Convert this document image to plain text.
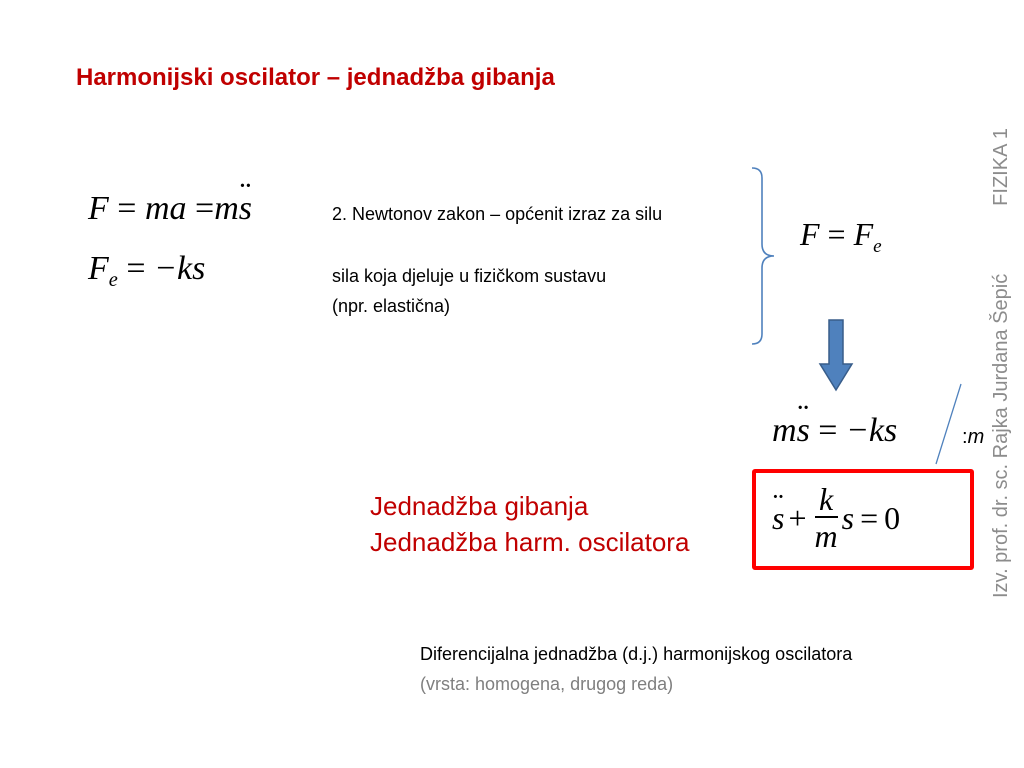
Harmonijski oscilator – jednadžba gibanja
F = ma =ms ¨
$F_e = -ks$
2. Newtonov zakon – općenit izraz za silu
sila koja djeluje u fizičkom sustavu
(npr. elastična)
$F = F_e$
ms ¨ = −ks	:m
Jednadžba gibanja
Jednadžba harm. oscilatora
s ¨ + $\frac{k}{m}$ s = 0
Diferencijalna jednadžba (d.j.) harmonijskog oscilatora
(vrsta: homogena, drugog reda)
Izv. prof. dr. sc. Rajka Jurdana Šepić
FIZIKA 1
